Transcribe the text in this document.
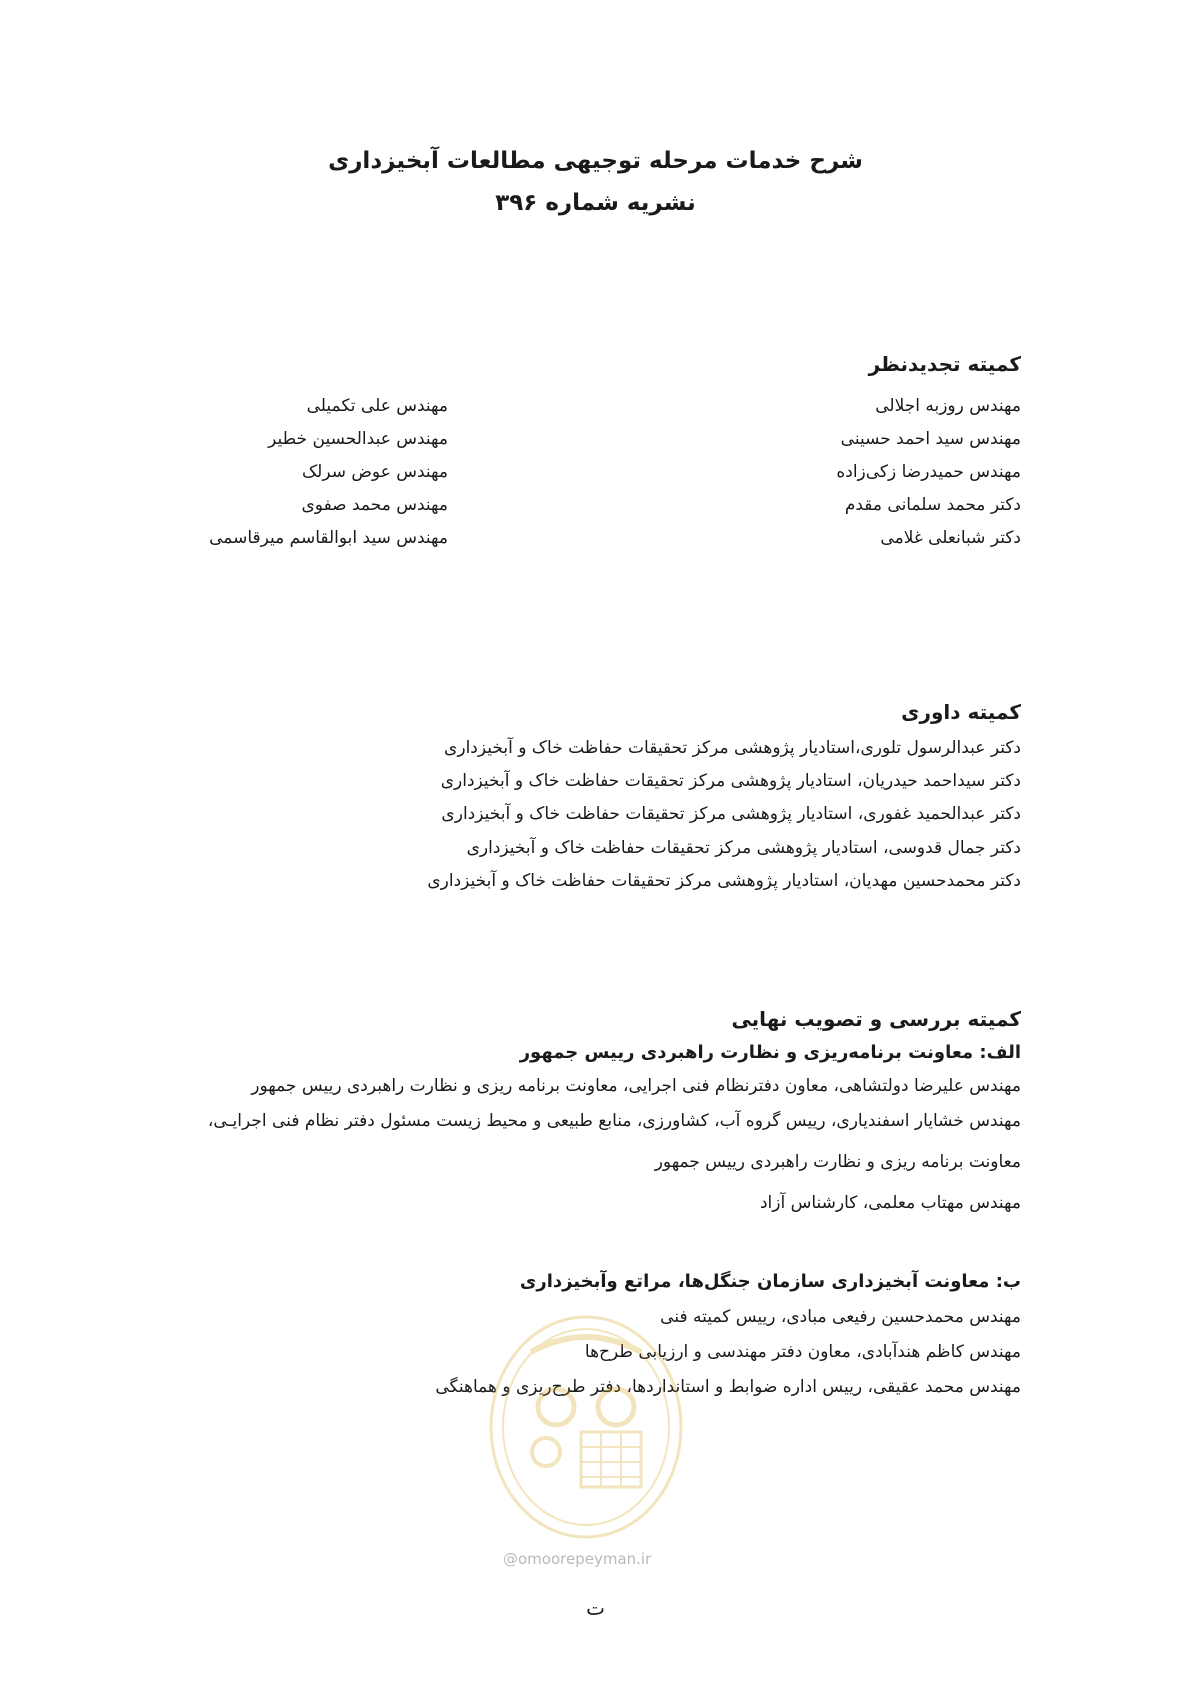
شرح خدمات مرحله توجیهی مطالعات آبخیزداری
نشریه شماره ۳۹۶
کمیته تجدیدنظر
مهندس روزبه اجلالی
مهندس سید احمد حسینی
مهندس حمیدرضا زکی‌زاده
دکتر محمد سلمانی مقدم
دکتر شبانعلی غلامی
مهندس علی تکمیلی
مهندس عبدالحسین خطیر
مهندس عوض سرلک
مهندس محمد صفوی
مهندس سید ابوالقاسم میرقاسمی
کمیته داوری
دکتر عبدالرسول تلوری،استادیار پژوهشی مرکز تحقیقات حفاظت خاک و آبخیزداری
دکتر سیداحمد حیدریان، استادیار پژوهشی مرکز تحقیقات حفاظت خاک و آبخیزداری
دکتر عبدالحمید غفوری، استادیار پژوهشی مرکز تحقیقات حفاظت خاک و آبخیزداری
دکتر جمال قدوسی، استادیار پژوهشی مرکز تحقیقات حفاظت خاک و آبخیزداری
دکتر محمدحسین مهدیان، استادیار پژوهشی مرکز تحقیقات حفاظت خاک و آبخیزداری
کمیته بررسی و تصویب نهایی
الف: معاونت برنامه‌ریزی و نظارت راهبردی رییس جمهور
مهندس علیرضا دولتشاهی، معاون دفترنظام فنی اجرایی، معاونت برنامه ریزی و نظارت راهبردی رییس جمهور
مهندس خشایار اسفندیاری، رییس گروه آب، کشاورزی، منابع طبیعی و محیط زیست مسئول دفتر نظام فنی اجرایـی،
معاونت برنامه ریزی و نظارت راهبردی رییس جمهور
مهندس مهتاب معلمی، کارشناس آزاد
ب: معاونت آبخیزداری سازمان جنگل‌ها، مراتع وآبخیزداری
مهندس محمدحسین رفیعی مبادی، رییس کمیته فنی
مهندس کاظم هندآبادی، معاون دفتر مهندسی و ارزیابی طرح‌ها
مهندس محمد عقیقی، رییس اداره ضوابط و استانداردها، دفتر طرح‌ریزی و هماهنگی
@omoorepeyman.ir
ت
